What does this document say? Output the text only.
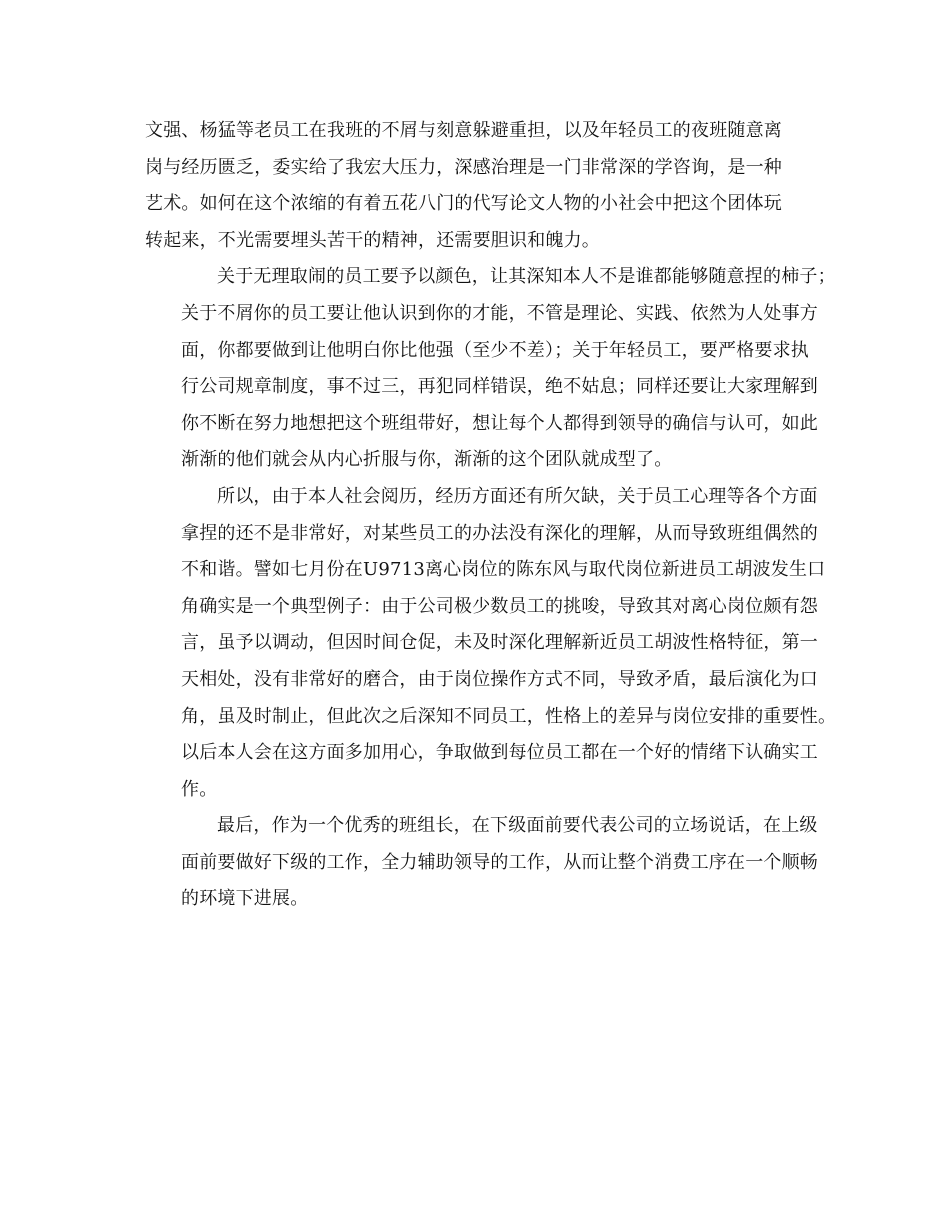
文强、杨猛等老员工在我班的不屑与刻意躲避重担，以及年轻员工的夜班随意离
岗与经历匮乏，委实给了我宏大压力，深感治理是一门非常深的学咨询，是一种
艺术。如何在这个浓缩的有着五花八门的代写论文人物的小社会中把这个团体玩
转起来，不光需要埋头苦干的精神，还需要胆识和魄力。

关于无理取闹的员工要予以颜色，让其深知本人不是谁都能够随意捏的柿子；
关于不屑你的员工要让他认识到你的才能，不管是理论、实践、依然为人处事方
面，你都要做到让他明白你比他强（至少不差）；关于年轻员工，要严格要求执
行公司规章制度，事不过三，再犯同样错误，绝不姑息；同样还要让大家理解到
你不断在努力地想把这个班组带好，想让每个人都得到领导的确信与认可，如此
渐渐的他们就会从内心折服与你，渐渐的这个团队就成型了。

所以，由于本人社会阅历，经历方面还有所欠缺，关于员工心理等各个方面
拿捏的还不是非常好，对某些员工的办法没有深化的理解，从而导致班组偶然的
不和谐。譬如七月份在U9713离心岗位的陈东风与取代岗位新进员工胡波发生口
角确实是一个典型例子：由于公司极少数员工的挑唆，导致其对离心岗位颇有怨
言，虽予以调动，但因时间仓促，未及时深化理解新近员工胡波性格特征，第一
天相处，没有非常好的磨合，由于岗位操作方式不同，导致矛盾，最后演化为口
角，虽及时制止，但此次之后深知不同员工，性格上的差异与岗位安排的重要性。
以后本人会在这方面多加用心，争取做到每位员工都在一个好的情绪下认确实工
作。

最后，作为一个优秀的班组长，在下级面前要代表公司的立场说话，在上级
面前要做好下级的工作，全力辅助领导的工作，从而让整个消费工序在一个顺畅
的环境下进展。
